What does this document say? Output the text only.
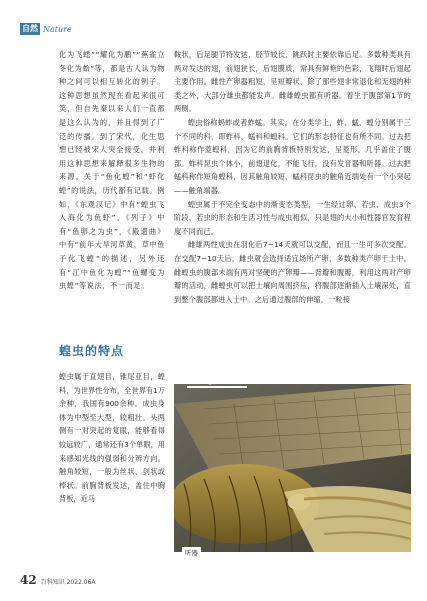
自然 Nature

化为飞蟋”“耀化为鹏”“蕉雀立冬化为蛤”等，都是古人认为物种之间可以相互转化的例子。这种思想虽然现在看起来很可笑，但自先秦以来人们一直都是这么认为的，并且得到了广泛的传播。到了宋代，化生思想已经被宋人突全接受，并利用这种思想来解释很多生物的来源。关于“鱼化蝗”和“虾化蝗”的说法，历代都有记载。例如，《东观汉记》中有“蝗虫飞入海化为鱼虾”，《列子》中有“鱼卵之为虫”，《殿遗曲》中有“前年大旱河草黄，草中鱼子化飞蝗”的描述，另外还有“江中鱼化为蝗”“鱼螺变为虫蝗”等说法，不一而足。

蝗虫的特点

蝗虫属于直翅目，锥尾亚目，蝗科，为世界性分布，全世界有1万余种，我国有900余种。成虫身体为中型至大型，较粗壮。头两侧有一对突起的复眼，能够看得较远较广，通常还有3个单眼，用来感知光线的强弱和分辨方向。触角较短，一般为丝状、剑状或棒状。前胸背板发达，盖住中胸背板，近马

鞍状，后足腿节特发达，胫节较长，跳跃时主要依靠后足。多数种类具有两对发达的翅，前翅狭长，后翅膜质，常具有鲜艳的色彩，飞翔时后翅起主要作用。雌性产卵器粗短，呈短瓣状，除了那些翅非常退化和无翅的种类之外，大部分雄虫都能发声。雌雄蝗虫都有听器，着生于腹部第1节的两侧。

蝗虫俗称蚂蚱或者蚱蜢。其实，在分类学上，蚱、蜢、蝗分别属于三个不同的科，即蚱科、蜢科和蝗科。它们的形态特征也有所不同。过去把蚱科称作菱蝗科，因为它的前胸背板特别发达，呈菱形，几乎盖住了腹部。蚱科昆虫个体小，前翅退化，不能飞行，没有发音器和听器。过去把蜢科称作短角蝗科，因其触角较短，蜢科昆虫的触角近端处有一个小突起——触角端器。

蝗虫属于不完全变态中的渐变态类型，一生经过卵、若虫、成虫3个阶段，若虫的形态和生活习性与成虫相似，只是翅的大小和性器官发育程度不同而已。

雌雄两性成虫在羽化后7~14天就可以交配，而且一生可多次交配。在交配7~10天后，雌虫就会选择适宜场所产卵，多数种类产卵于土中。雌蝗虫的腹部末端有两对坚硬的产卵瓣——背瓣和腹瓣，利用这两对产卵瓣的活动，雌蝗虫可以把土壤向周围挤压，将腹部逐渐插入土壤深处，直到整个腹部都进入土中。之后通过腹部的伸缩，一粒接

5毫米
听器
42 百科知识 2022.06A
